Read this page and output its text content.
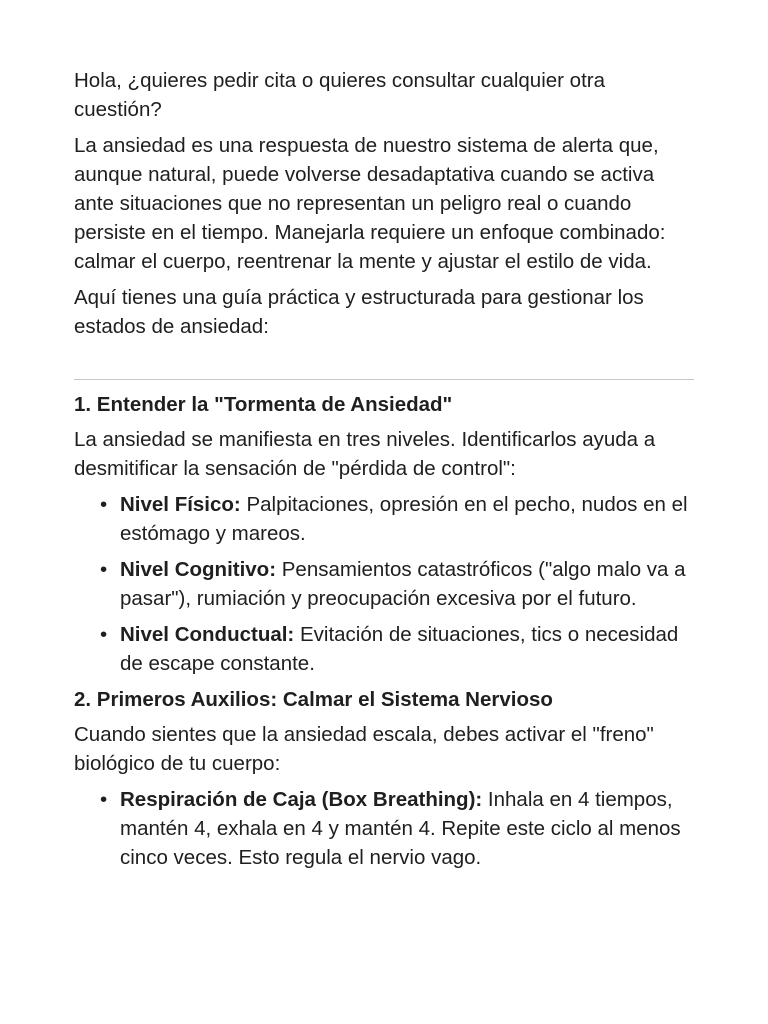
Hola, ¿quieres pedir cita o quieres consultar cualquier otra cuestión?

La ansiedad es una respuesta de nuestro sistema de alerta que, aunque natural, puede volverse desadaptativa cuando se activa ante situaciones que no representan un peligro real o cuando persiste en el tiempo. Manejarla requiere un enfoque combinado: calmar el cuerpo, reentrenar la mente y ajustar el estilo de vida.

Aquí tienes una guía práctica y estructurada para gestionar los estados de ansiedad:

1. Entender la "Tormenta de Ansiedad"

La ansiedad se manifiesta en tres niveles. Identificarlos ayuda a desmitificar la sensación de "pérdida de control":

• Nivel Físico: Palpitaciones, opresión en el pecho, nudos en el estómago y mareos.
• Nivel Cognitivo: Pensamientos catastróficos ("algo malo va a pasar"), rumiación y preocupación excesiva por el futuro.
• Nivel Conductual: Evitación de situaciones, tics o necesidad de escape constante.
2. Primeros Auxilios: Calmar el Sistema Nervioso

Cuando sientes que la ansiedad escala, debes activar el "freno" biológico de tu cuerpo:

• Respiración de Caja (Box Breathing): Inhala en 4 tiempos, mantén 4, exhala en 4 y mantén 4. Repite este ciclo al menos cinco veces. Esto regula el nervio vago.
